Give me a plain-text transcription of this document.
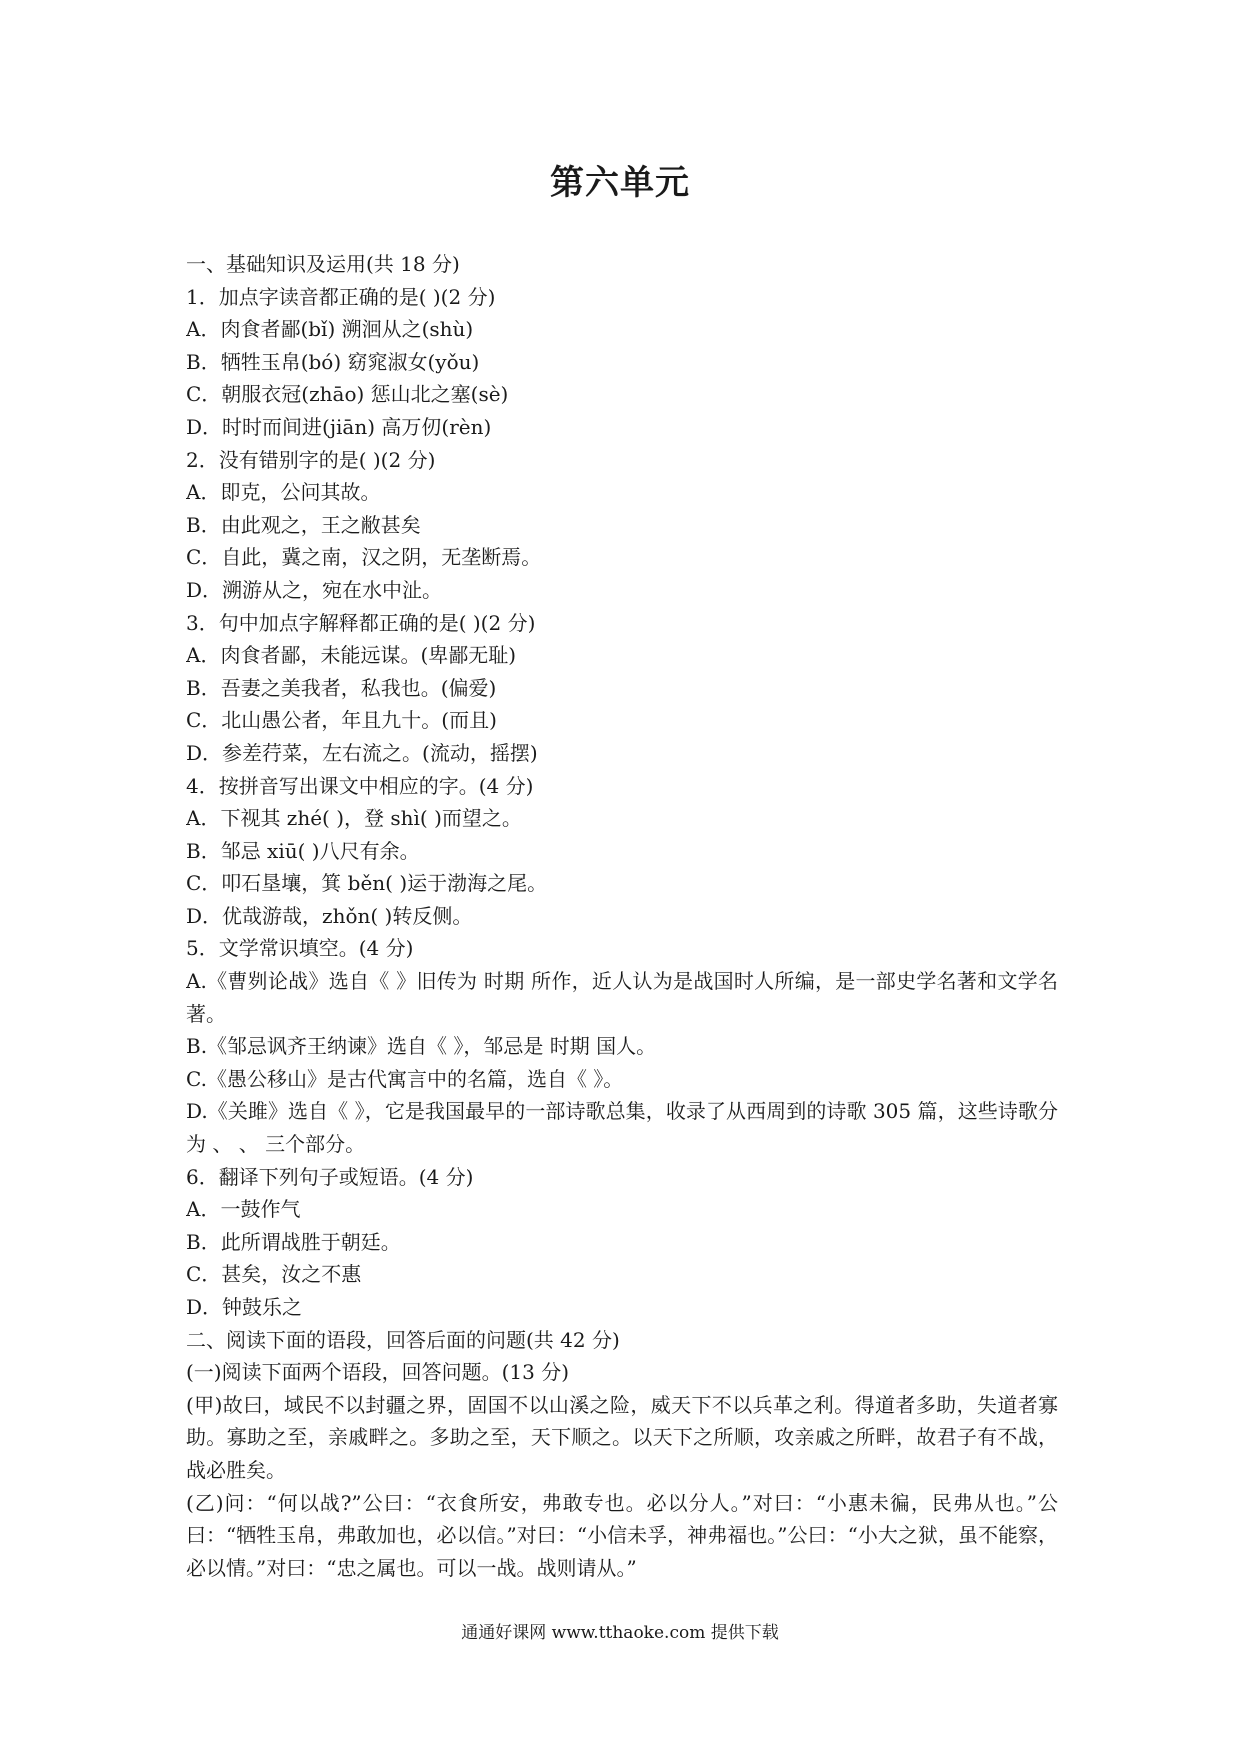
第六单元
一、基础知识及运用(共 18 分)
1．加点字读音都正确的是( )(2 分)
A．肉食者鄙(bǐ) 溯洄从之(shù)
B．牺牲玉帛(bó) 窈窕淑女(yǒu)
C．朝服衣冠(zhāo) 惩山北之塞(sè)
D．时时而间进(jiān) 高万仞(rèn)
2．没有错别字的是( )(2 分)
A．即克，公问其故。
B．由此观之，王之敝甚矣
C．自此，冀之南，汉之阴，无垄断焉。
D．溯游从之，宛在水中沚。
3．句中加点字解释都正确的是( )(2 分)
A．肉食者鄙，未能远谋。(卑鄙无耻)
B．吾妻之美我者，私我也。(偏爱)
C．北山愚公者，年且九十。(而且)
D．参差荇菜，左右流之。(流动，摇摆)
4．按拼音写出课文中相应的字。(4 分)
A．下视其 zhé( )，登 shì( )而望之。
B．邹忌 xiū( )八尺有余。
C．叩石垦壤，箕 běn( )运于渤海之尾。
D．优哉游哉，zhǒn( )转反侧。
5．文学常识填空。(4 分)
A.《曹刿论战》选自《 》旧传为 时期 所作，近人认为是战国时人所编，是一部史学名著和文学名著。
B.《邹忌讽齐王纳谏》选自《 》，邹忌是 时期 国人。
C.《愚公移山》是古代寓言中的名篇，选自《 》。
D.《关雎》选自《 》，它是我国最早的一部诗歌总集，收录了从西周到的诗歌 305 篇，这些诗歌分为 、 、 三个部分。
6．翻译下列句子或短语。(4 分)
A．一鼓作气
B．此所谓战胜于朝廷。
C．甚矣，汝之不惠
D．钟鼓乐之
二、阅读下面的语段，回答后面的问题(共 42 分)
(一)阅读下面两个语段，回答问题。(13 分)
(甲)故曰，域民不以封疆之界，固国不以山溪之险，威天下不以兵革之利。得道者多助，失道者寡助。寡助之至，亲戚畔之。多助之至，天下顺之。以天下之所顺，攻亲戚之所畔，故君子有不战，战必胜矣。
(乙)问：“何以战?”公曰：“衣食所安，弗敢专也。必以分人。”对曰：“小惠未徧，民弗从也。”公曰：“牺牲玉帛，弗敢加也，必以信。”对曰：“小信未孚，神弗福也。”公曰：“小大之狱，虽不能察，必以情。”对曰：“忠之属也。可以一战。战则请从。”
通通好课网 www.tthaoke.com 提供下载
